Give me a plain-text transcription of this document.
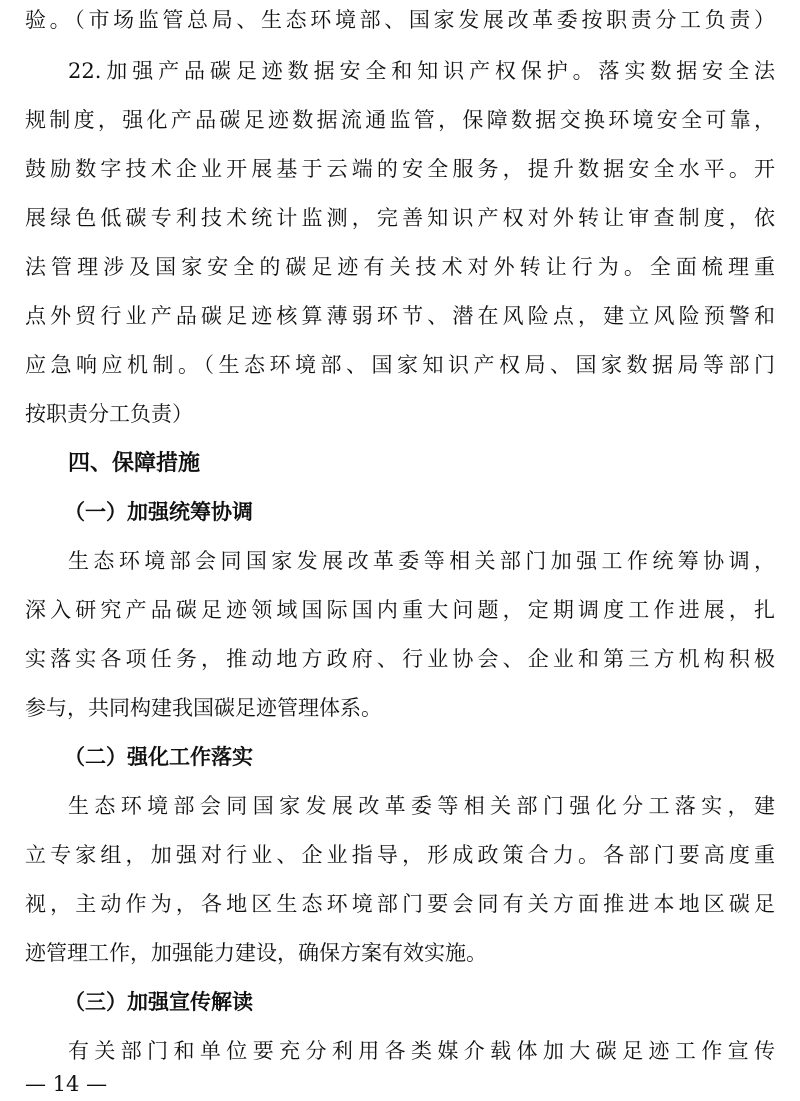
验。（市场监管总局、生态环境部、国家发展改革委按职责分工负责）
22.加强产品碳足迹数据安全和知识产权保护。落实数据安全法
规制度，强化产品碳足迹数据流通监管，保障数据交换环境安全可靠，
鼓励数字技术企业开展基于云端的安全服务，提升数据安全水平。开
展绿色低碳专利技术统计监测，完善知识产权对外转让审查制度，依
法管理涉及国家安全的碳足迹有关技术对外转让行为。全面梳理重
点外贸行业产品碳足迹核算薄弱环节、潜在风险点，建立风险预警和
应急响应机制。（生态环境部、国家知识产权局、国家数据局等部门
按职责分工负责）
四、保障措施
（一）加强统筹协调
生态环境部会同国家发展改革委等相关部门加强工作统筹协调，
深入研究产品碳足迹领域国际国内重大问题，定期调度工作进展，扎
实落实各项任务，推动地方政府、行业协会、企业和第三方机构积极
参与，共同构建我国碳足迹管理体系。
（二）强化工作落实
生态环境部会同国家发展改革委等相关部门强化分工落实，建
立专家组，加强对行业、企业指导，形成政策合力。各部门要高度重
视，主动作为，各地区生态环境部门要会同有关方面推进本地区碳足
迹管理工作，加强能力建设，确保方案有效实施。
（三）加强宣传解读
有关部门和单位要充分利用各类媒介载体加大碳足迹工作宣传
— 14 —
